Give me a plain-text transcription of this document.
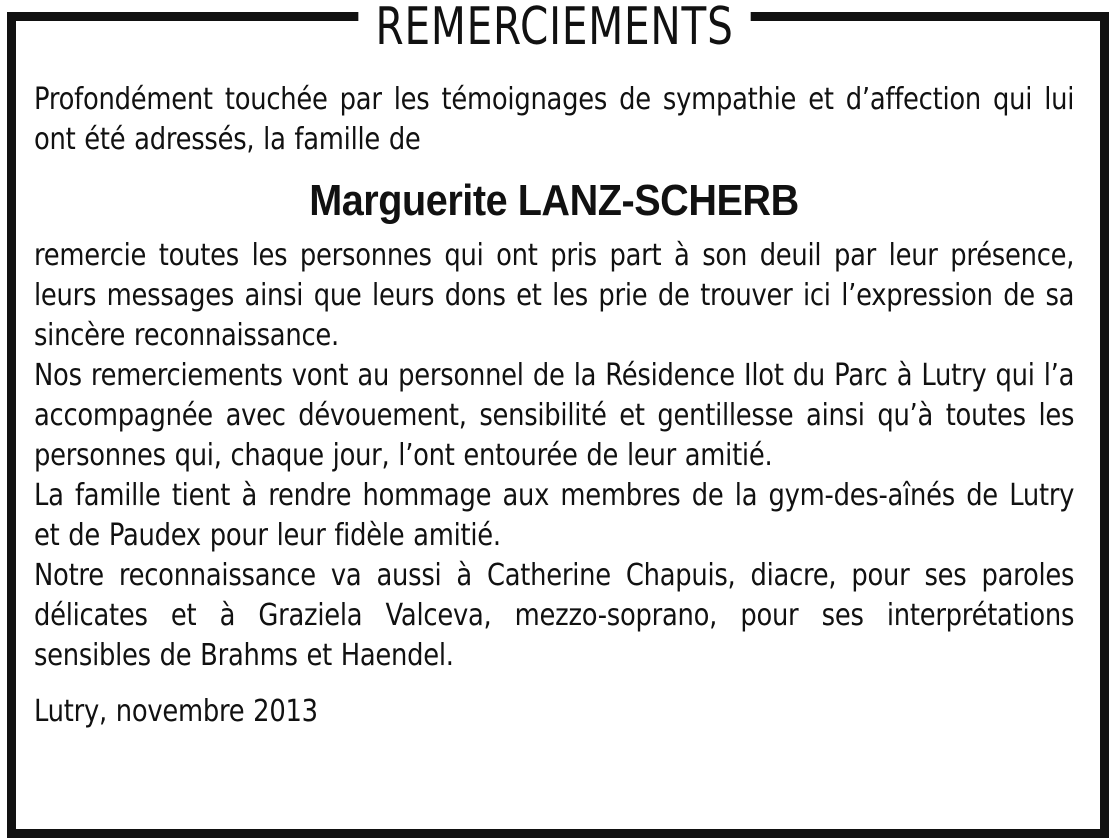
REMERCIEMENTS

Profondément touchée par les témoignages de sympathie et d’affection qui lui ont été adressés, la famille de

Marguerite LANZ-SCHERB

remercie toutes les personnes qui ont pris part à son deuil par leur présence, leurs messages ainsi que leurs dons et les prie de trouver ici l’expression de sa sincère reconnaissance.

Nos remerciements vont au personnel de la Résidence Ilot du Parc à Lutry qui l’a accompagnée avec dévouement, sensibilité et gentillesse ainsi qu’à toutes les personnes qui, chaque jour, l’ont entourée de leur amitié.

La famille tient à rendre hommage aux membres de la gym-des-aînés de Lutry et de Paudex pour leur fidèle amitié.

Notre reconnaissance va aussi à Catherine Chapuis, diacre, pour ses paroles délicates et à Graziela Valceva, mezzo-soprano, pour ses interprétations sensibles de Brahms et Haendel.

Lutry, novembre 2013
